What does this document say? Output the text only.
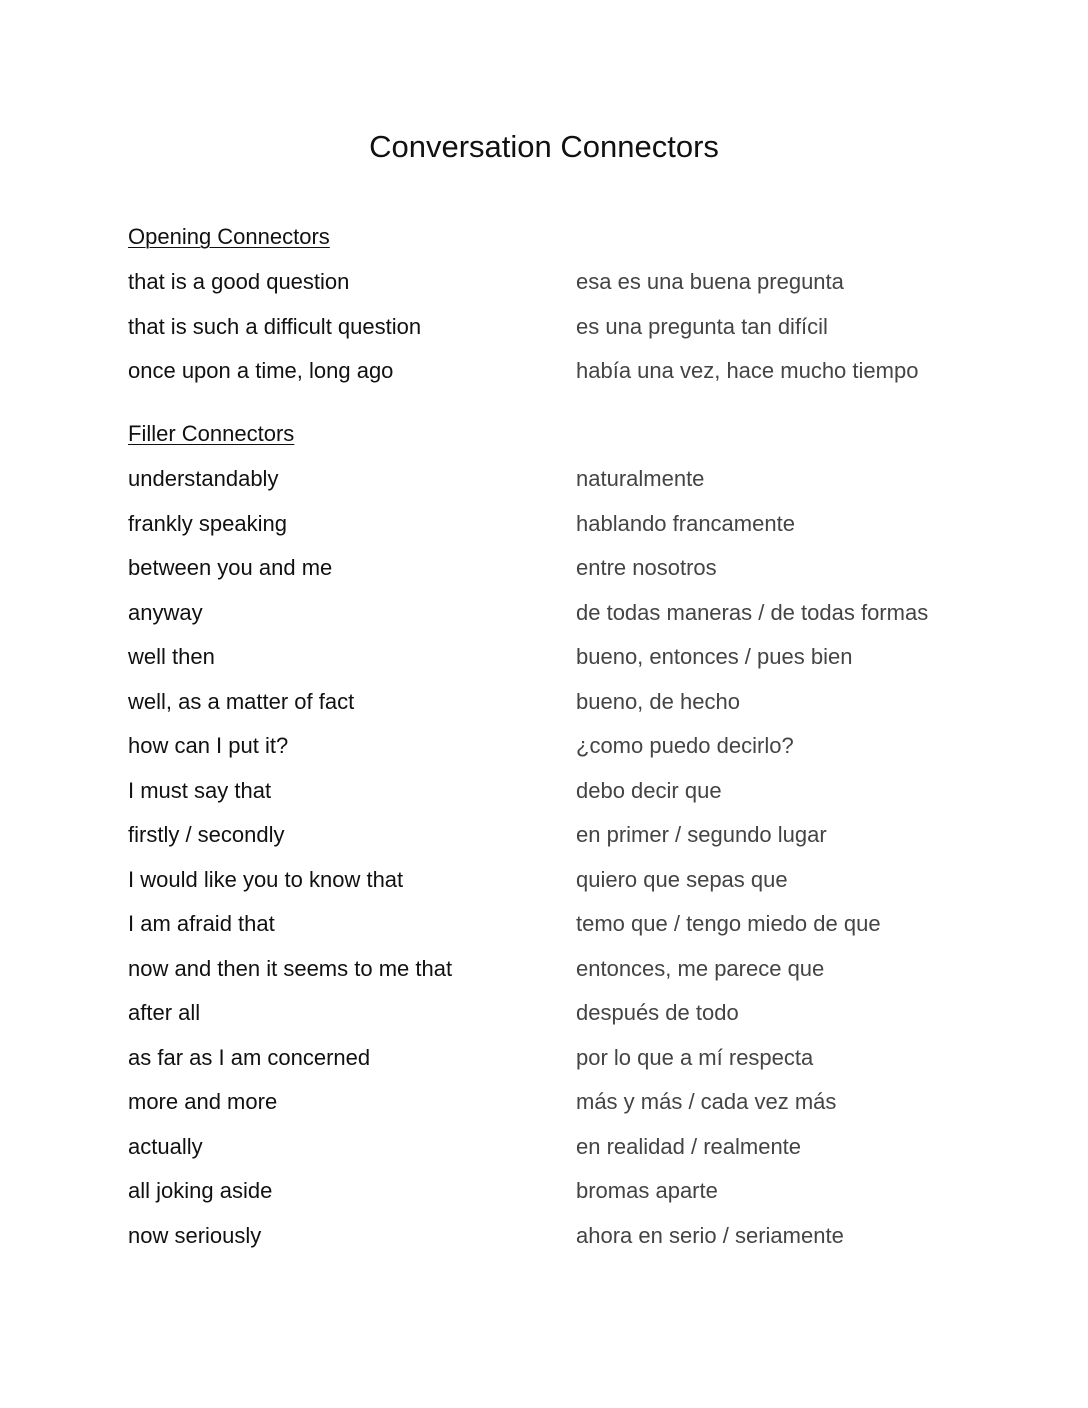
Conversation Connectors
Opening Connectors
that is a good question	esa es una buena pregunta
that is such a difficult question	es una pregunta tan difícil
once upon a time, long ago	había una vez, hace mucho tiempo
Filler Connectors
understandably	naturalmente
frankly speaking	hablando francamente
between you and me	entre nosotros
anyway	de todas maneras / de todas formas
well then	bueno, entonces / pues bien
well, as a matter of fact	bueno, de hecho
how can I put it?	¿como puedo decirlo?
I must say that	debo decir que
firstly / secondly	en primer / segundo lugar
I would like you to know that	quiero que sepas que
I am afraid that	temo que / tengo miedo de que
now and then it seems to me that	entonces, me parece que
after all	después de todo
as far as I am concerned	por lo que a mí respecta
more and more	más y más / cada vez más
actually	en realidad / realmente
all joking aside	bromas aparte
now seriously	ahora en serio / seriamente
